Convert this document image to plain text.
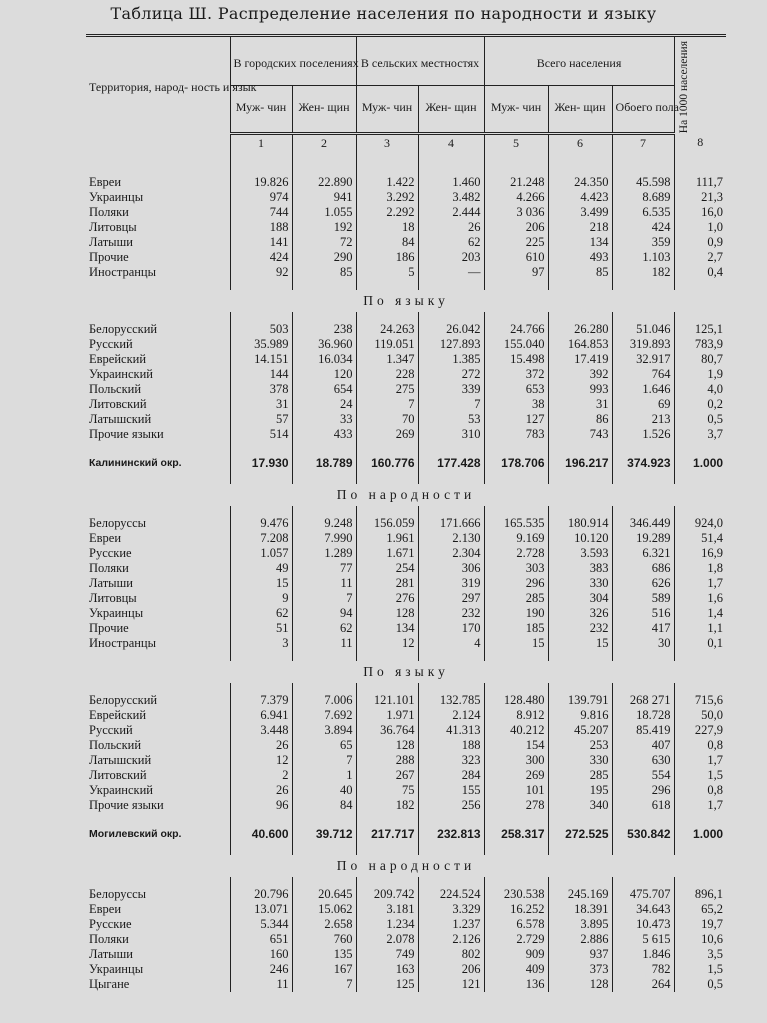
Таблица Ш. Распределение населения по народности и языку
Территория, народ- ность и язык	В городских поселениях		В сельских местностях		Всего населения			На 1000 населения

	Муж- чин	Жен- щин	Муж- чин	Жен- щин	Муж- чин	Жен- щин	Обоего пола	
	1	2	3	4	5	6	7	8

Евреи	19.826	22.890	1.422	1.460	21.248	24.350	45.598	111,7
Украинцы	974	941	3.292	3.482	4.266	4.423	8.689	21,3
Поляки	744	1.055	2.292	2.444	3 036	3.499	6.535	16,0
Литовцы	188	192	18	26	206	218	424	1,0
Латыши	141	72	84	62	225	134	359	0,9
Прочие	424	290	186	203	610	493	1.103	2,7
Иностранцы	92	85	5	—	97	85	182	0,4

По языку								

Белорусский	503	238	24.263	26.042	24.766	26.280	51.046	125,1
Русский	35.989	36.960	119.051	127.893	155.040	164.853	319.893	783,9
Еврейский	14.151	16.034	1.347	1.385	15.498	17.419	32.917	80,7
Украинский	144	120	228	272	372	392	764	1,9
Польский	378	654	275	339	653	993	1.646	4,0
Литовский	31	24	7	7	38	31	69	0,2
Латышский	57	33	70	53	127	86	213	0,5
Прочие языки	514	433	269	310	783	743	1.526	3,7

Калининский окр.	17.930	18.789	160.776	177.428	178.706	196.217	374.923	1.000

По народности								

Белоруссы	9.476	9.248	156.059	171.666	165.535	180.914	346.449	924,0
Евреи	7.208	7.990	1.961	2.130	9.169	10.120	19.289	51,4
Русские	1.057	1.289	1.671	2.304	2.728	3.593	6.321	16,9
Поляки	49	77	254	306	303	383	686	1,8
Латыши	15	11	281	319	296	330	626	1,7
Литовцы	9	7	276	297	285	304	589	1,6
Украинцы	62	94	128	232	190	326	516	1,4
Прочие	51	62	134	170	185	232	417	1,1
Иностранцы	3	11	12	4	15	15	30	0,1

По языку								

Белорусский	7.379	7.006	121.101	132.785	128.480	139.791	268 271	715,6
Еврейский	6.941	7.692	1.971	2.124	8.912	9.816	18.728	50,0
Русский	3.448	3.894	36.764	41.313	40.212	45.207	85.419	227,9
Польский	26	65	128	188	154	253	407	0,8
Латышский	12	7	288	323	300	330	630	1,7
Литовский	2	1	267	284	269	285	554	1,5
Украинский	26	40	75	155	101	195	296	0,8
Прочие языки	96	84	182	256	278	340	618	1,7

Могилевский окр.	40.600	39.712	217.717	232.813	258.317	272.525	530.842	1.000

По народности								

Белоруссы	20.796	20.645	209.742	224.524	230.538	245.169	475.707	896,1
Евреи	13.071	15.062	3.181	3.329	16.252	18.391	34.643	65,2
Русские	5.344	2.658	1.234	1.237	6.578	3.895	10.473	19,7
Поляки	651	760	2.078	2.126	2.729	2.886	5 615	10,6
Латыши	160	135	749	802	909	937	1.846	3,5
Украинцы	246	167	163	206	409	373	782	1,5
Цыгане	11	7	125	121	136	128	264	0,5
